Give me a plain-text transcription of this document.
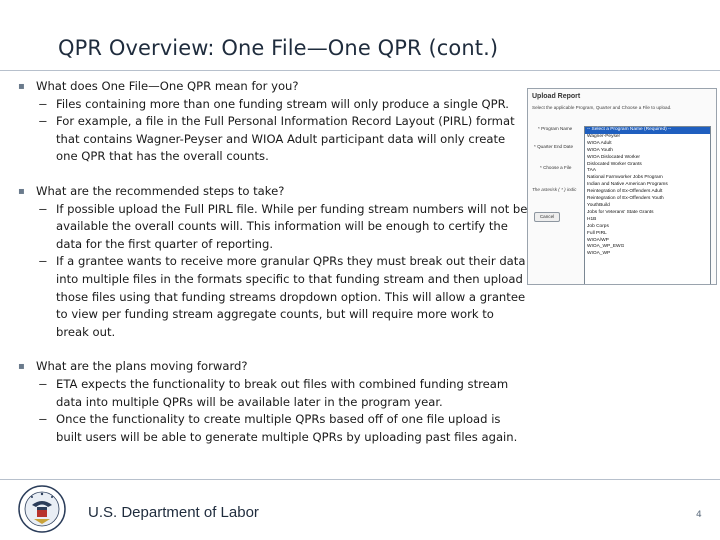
QPR Overview: One File—One QPR (cont.)
▪ What does One File—One QPR mean for you?
− Files containing more than one funding stream will only produce a single QPR.
− For example, a file in the Full Personal Information Record Layout (PIRL) format that contains Wagner-Peyser and WIOA Adult participant data will only create one QPR that has the overall counts.
▪ What are the recommended steps to take?
− If possible upload the Full PIRL file. While per funding stream numbers will not be available the overall counts will. This information will be enough to certify the data for the first quarter of reporting.
− If a grantee wants to receive more granular QPRs they must break out their data into multiple files in the formats specific to that funding stream and then upload those files using that funding streams dropdown option. This will allow a grantee to view per funding stream aggregate counts, but will require more work to break out.
▪ What are the plans moving forward?
− ETA expects the functionality to break out files with combined funding stream data into multiple QPRs will be available later in the program year.
− Once the functionality to create multiple QPRs based off of one file upload is built users will be able to generate multiple QPRs by uploading past files again.
Upload Report
Select the applicable Program, Quarter and Choose a File to upload.
* Program Name
* Quarter End Date
* Choose a File
The asterisk ( * ) indic
Cancel
-- Select a Program Name (Required) --
Wagner-Peyser
WIOA Adult
WIOA Youth
WIOA Dislocated Worker
Dislocated Worker Grants
TAA
National Farmworker Jobs Program
Indian and Native American Programs
Reintegration of Ex-Offenders Adult
Reintegration of Ex-Offenders Youth
YouthBuild
Jobs for Veterans' State Grants
H1B
Job Corps
Full PIRL
WIOA/WP
WIOA_WP_EWG
WIOA_WP
U.S. Department of Labor	4
